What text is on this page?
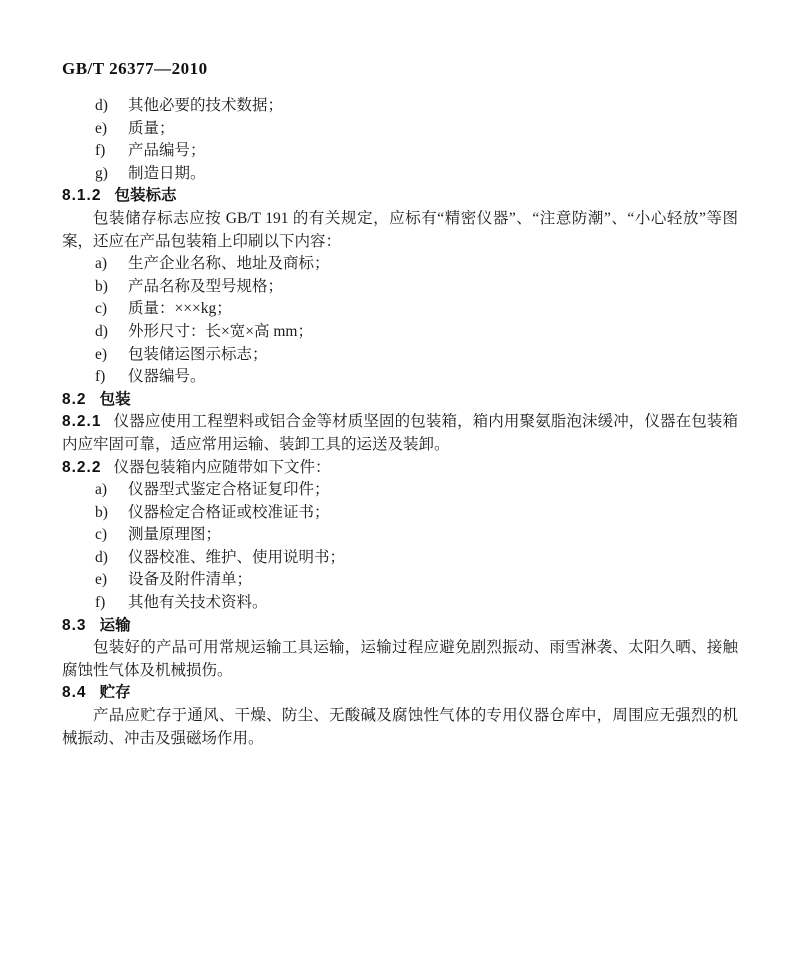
GB/T 26377—2010
d)	其他必要的技术数据；
e)	质量；
f)	产品编号；
g)	制造日期。
8.1.2 包装标志
包装储存标志应按 GB/T 191 的有关规定，应标有“精密仪器”、“注意防潮”、“小心轻放”等图案，还应在产品包装箱上印刷以下内容：
a)	生产企业名称、地址及商标；
b)	产品名称及型号规格；
c)	质量：×××kg；
d)	外形尺寸：长×宽×高 mm；
e)	包装储运图示标志；
f)	仪器编号。
8.2 包装
8.2.1 仪器应使用工程塑料或铝合金等材质坚固的包装箱，箱内用聚氨脂泡沫缓冲，仪器在包装箱内应牢固可靠，适应常用运输、装卸工具的运送及装卸。
8.2.2 仪器包装箱内应随带如下文件：
a)	仪器型式鉴定合格证复印件；
b)	仪器检定合格证或校准证书；
c)	测量原理图；
d)	仪器校准、维护、使用说明书；
e)	设备及附件清单；
f)	其他有关技术资料。
8.3 运输
包装好的产品可用常规运输工具运输，运输过程应避免剧烈振动、雨雪淋袭、太阳久晒、接触腐蚀性气体及机械损伤。
8.4 贮存
产品应贮存于通风、干燥、防尘、无酸碱及腐蚀性气体的专用仪器仓库中，周围应无强烈的机械振动、冲击及强磁场作用。
